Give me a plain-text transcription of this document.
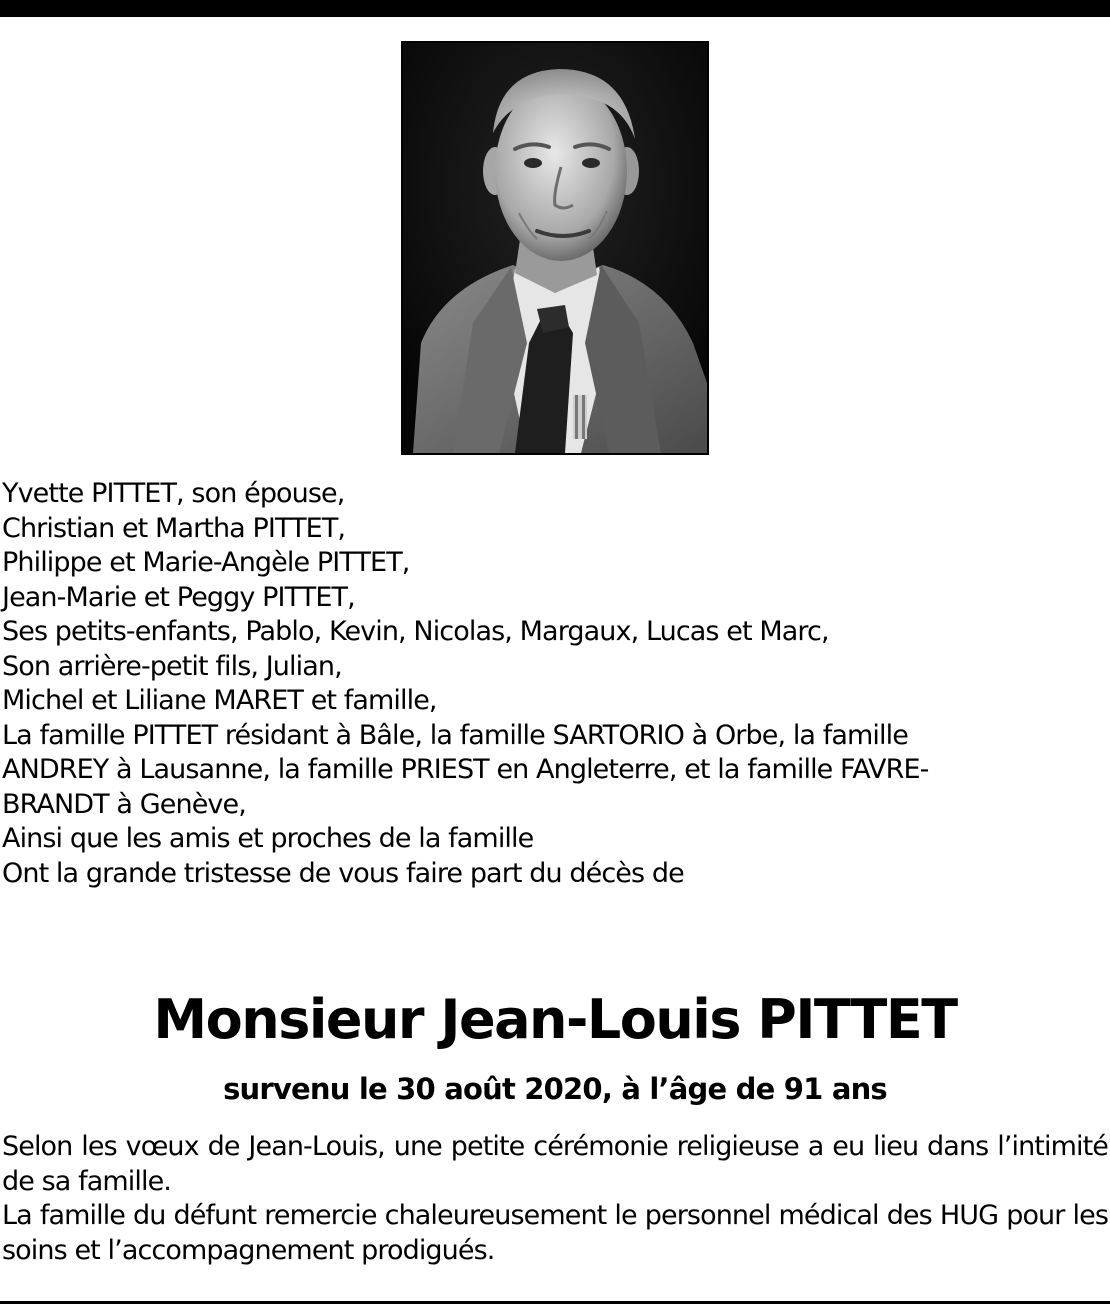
Yvette PITTET, son épouse,
Christian et Martha PITTET,
Philippe et Marie-Angèle PITTET,
Jean-Marie et Peggy PITTET,
Ses petits-enfants, Pablo, Kevin, Nicolas, Margaux, Lucas et Marc,
Son arrière-petit fils, Julian,
Michel et Liliane MARET et famille,
La famille PITTET résidant à Bâle, la famille SARTORIO à Orbe, la famille
ANDREY à Lausanne, la famille PRIEST en Angleterre, et la famille FAVRE-
BRANDT à Genève,
Ainsi que les amis et proches de la famille
Ont la grande tristesse de vous faire part du décès de
Monsieur Jean-Louis PITTET
survenu le 30 août 2020, à l’âge de 91 ans

Selon les vœux de Jean-Louis, une petite cérémonie religieuse a eu lieu dans l’intimité de sa famille.

La famille du défunt remercie chaleureusement le personnel médical des HUG pour les soins et l’accompagnement prodigués.
